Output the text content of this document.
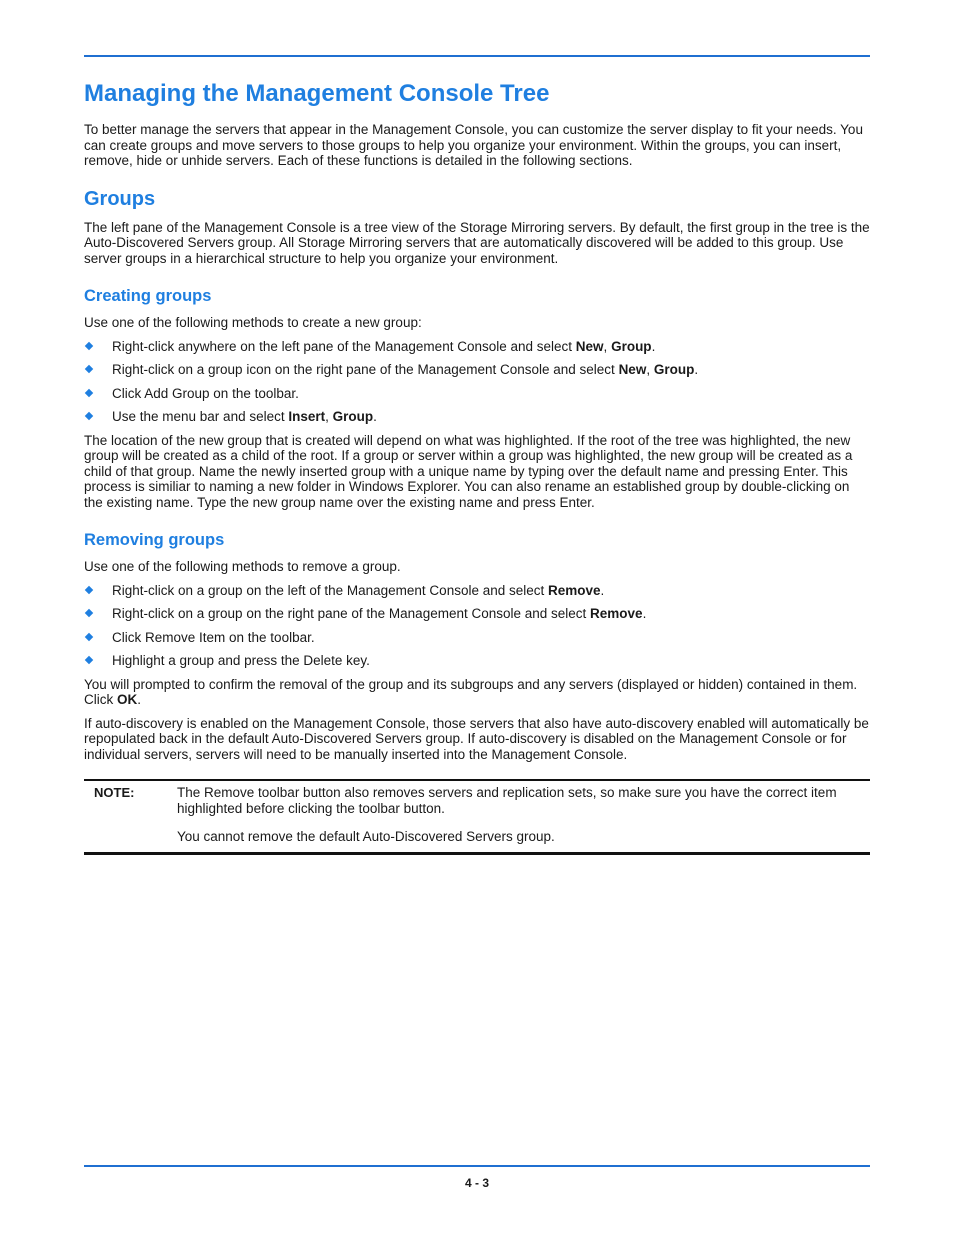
Managing the Management Console Tree

To better manage the servers that appear in the Management Console, you can customize the server display to fit your needs. You can create groups and move servers to those groups to help you organize your environment. Within the groups, you can insert, remove, hide or unhide servers. Each of these functions is detailed in the following sections.

Groups

The left pane of the Management Console is a tree view of the Storage Mirroring servers. By default, the first group in the tree is the Auto-Discovered Servers group. All Storage Mirroring servers that are automatically discovered will be added to this group. Use server groups in a hierarchical structure to help you organize your environment.

Creating groups

Use one of the following methods to create a new group:

Right-click anywhere on the left pane of the Management Console and select New, Group.
Right-click on a group icon on the right pane of the Management Console and select New, Group.
Click Add Group on the toolbar.
Use the menu bar and select Insert, Group.

The location of the new group that is created will depend on what was highlighted. If the root of the tree was highlighted, the new group will be created as a child of the root. If a group or server within a group was highlighted, the new group will be created as a child of that group. Name the newly inserted group with a unique name by typing over the default name and pressing Enter. This process is similiar to naming a new folder in Windows Explorer. You can also rename an established group by double-clicking on the existing name. Type the new group name over the existing name and press Enter.

Removing groups

Use one of the following methods to remove a group.

Right-click on a group on the left of the Management Console and select Remove.
Right-click on a group on the right pane of the Management Console and select Remove.
Click Remove Item on the toolbar.
Highlight a group and press the Delete key.

You will prompted to confirm the removal of the group and its subgroups and any servers (displayed or hidden) contained in them. Click OK.

If auto-discovery is enabled on the Management Console, those servers that also have auto-discovery enabled will automatically be repopulated back in the default Auto-Discovered Servers group. If auto-discovery is disabled on the Management Console or for individual servers, servers will need to be manually inserted into the Management Console.

NOTE:	The Remove toolbar button also removes servers and replication sets, so make sure you have the correct item highlighted before clicking the toolbar button.

You cannot remove the default Auto-Discovered Servers group.

4 - 3
